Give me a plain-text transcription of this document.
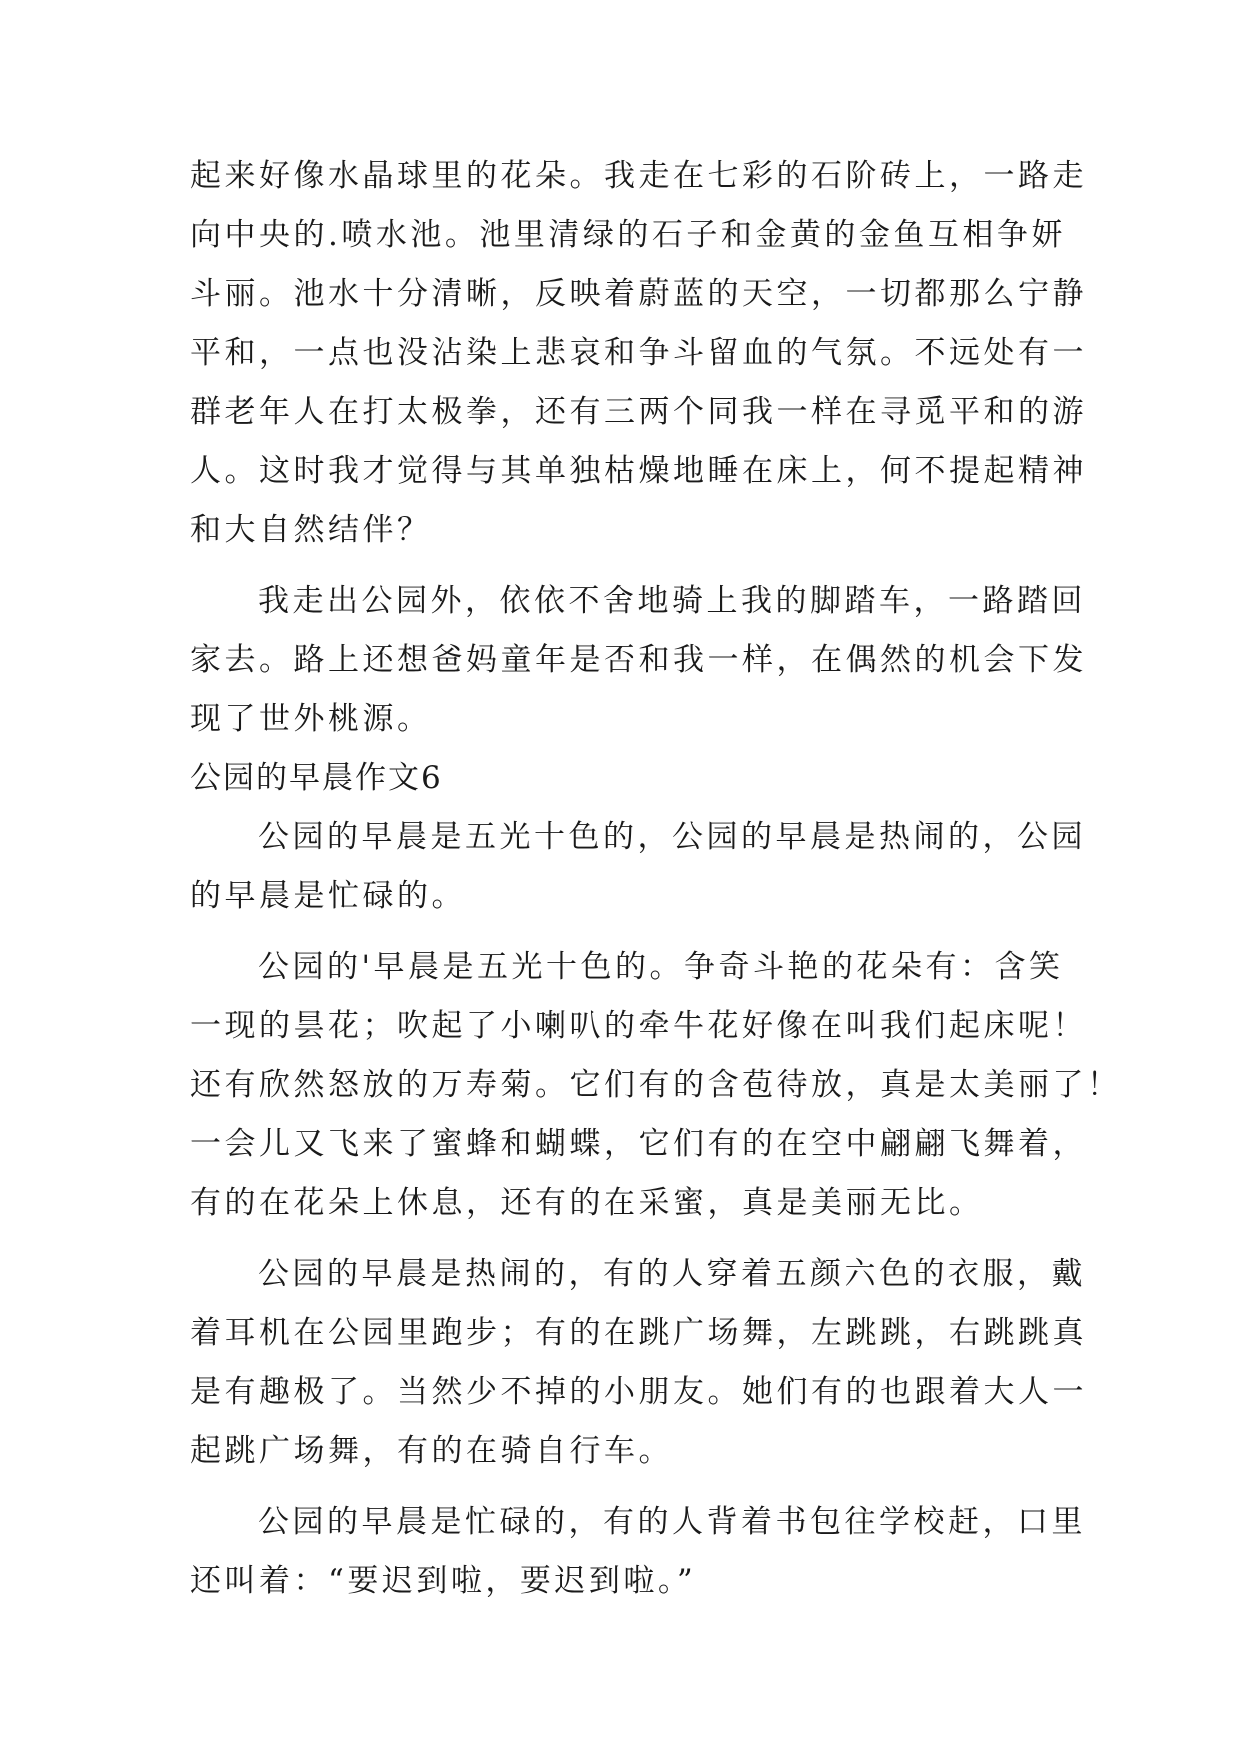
起来好像水晶球里的花朵。我走在七彩的石阶砖上，一路走
向中央的.喷水池。池里清绿的石子和金黄的金鱼互相争妍
斗丽。池水十分清晰，反映着蔚蓝的天空，一切都那么宁静
平和，一点也没沾染上悲哀和争斗留血的气氛。不远处有一
群老年人在打太极拳，还有三两个同我一样在寻觅平和的游
人。这时我才觉得与其单独枯燥地睡在床上，何不提起精神
和大自然结伴？
我走出公园外，依依不舍地骑上我的脚踏车，一路踏回
家去。路上还想爸妈童年是否和我一样，在偶然的机会下发
现了世外桃源。
公园的早晨作文6
公园的早晨是五光十色的，公园的早晨是热闹的，公园
的早晨是忙碌的。
公园的'早晨是五光十色的。争奇斗艳的花朵有：含笑
一现的昙花；吹起了小喇叭的牵牛花好像在叫我们起床呢！
还有欣然怒放的万寿菊。它们有的含苞待放，真是太美丽了！
一会儿又飞来了蜜蜂和蝴蝶，它们有的在空中翩翩飞舞着，
有的在花朵上休息，还有的在采蜜，真是美丽无比。
公园的早晨是热闹的，有的人穿着五颜六色的衣服，戴
着耳机在公园里跑步；有的在跳广场舞，左跳跳，右跳跳真
是有趣极了。当然少不掉的小朋友。她们有的也跟着大人一
起跳广场舞，有的在骑自行车。
公园的早晨是忙碌的，有的人背着书包往学校赶，口里
还叫着：“要迟到啦，要迟到啦。”
